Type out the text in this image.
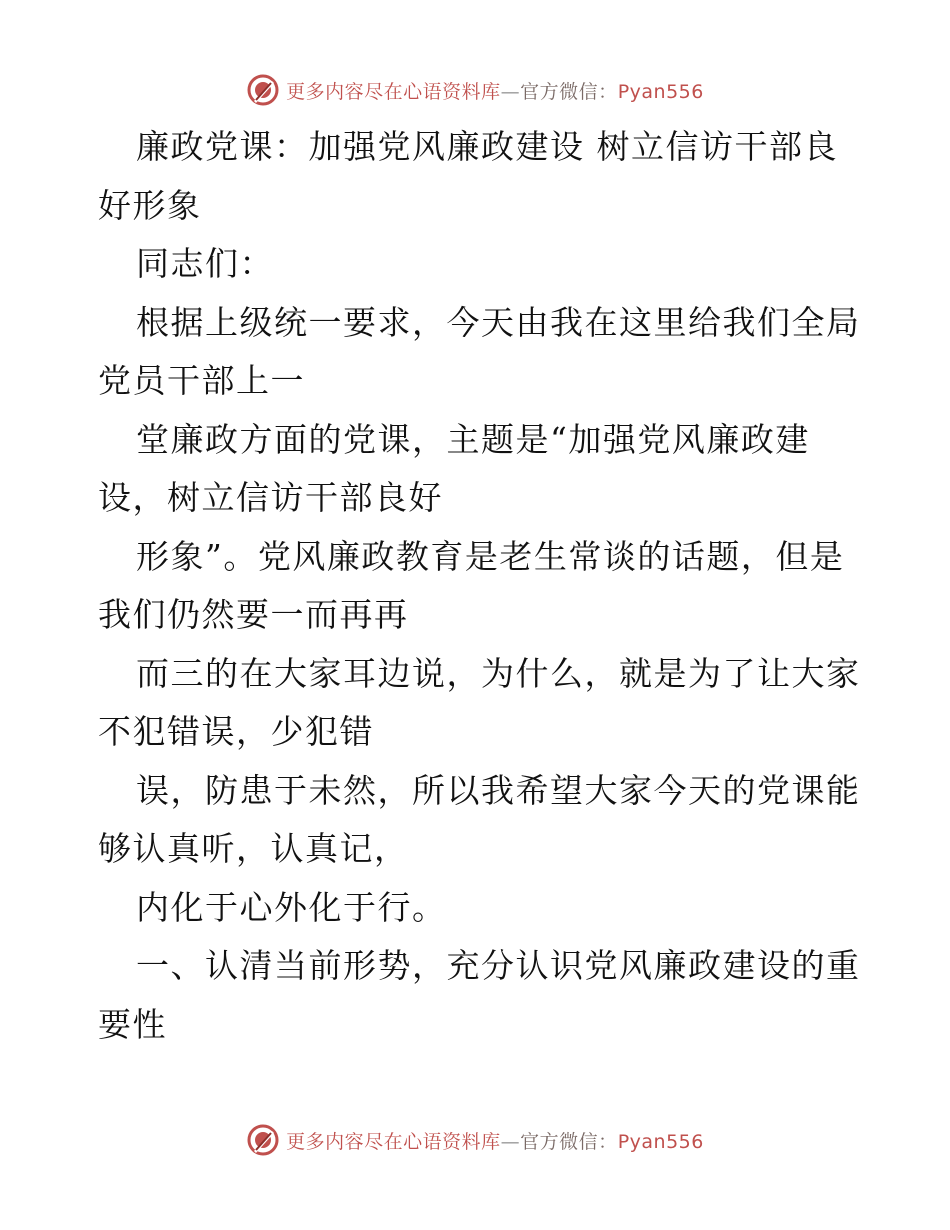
更多内容尽在心语资料库—官方微信：Pyan556
廉政党课：加强党风廉政建设 树立信访干部良
好形象
同志们：
根据上级统一要求，今天由我在这里给我们全局
党员干部上一
堂廉政方面的党课，主题是“加强党风廉政建
设，树立信访干部良好
形象”。党风廉政教育是老生常谈的话题，但是
我们仍然要一而再再
而三的在大家耳边说，为什么，就是为了让大家
不犯错误，少犯错
误，防患于未然，所以我希望大家今天的党课能
够认真听，认真记，
内化于心外化于行。
一、认清当前形势，充分认识党风廉政建设的重
要性
更多内容尽在心语资料库—官方微信：Pyan556
